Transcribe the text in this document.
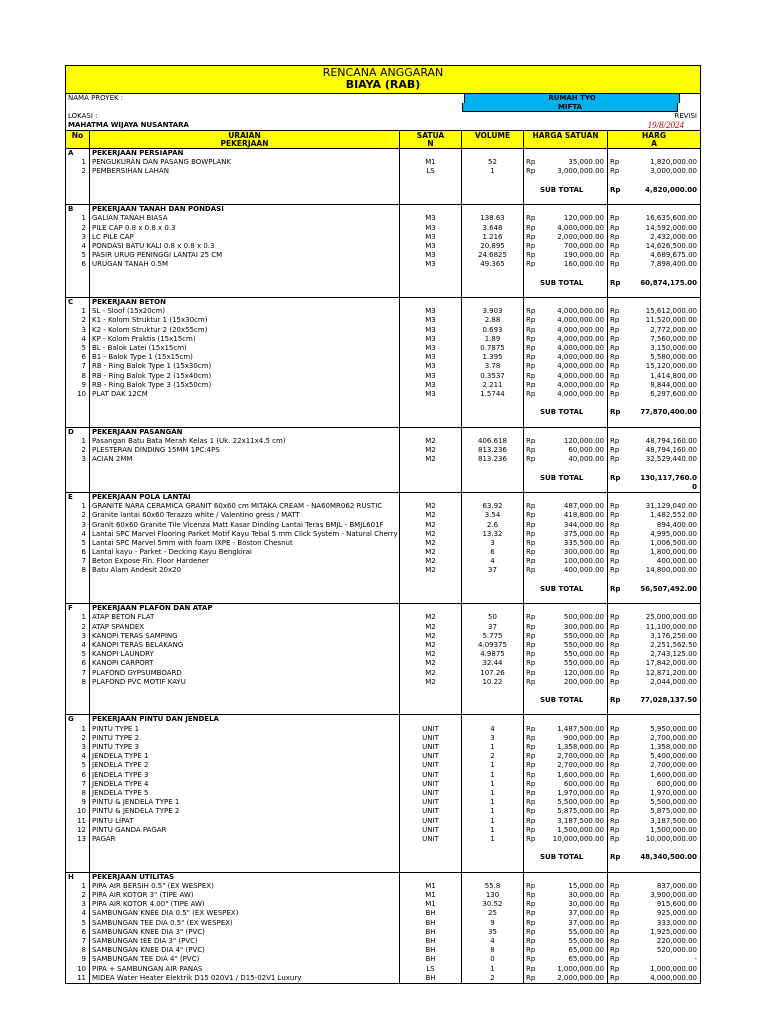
RENCANA ANGGARAN
BIAYA (RAB)
NAMA PROYEK :	RUMAH TYO
MIFTA
LOKASI :	REVISI
MAHATMA WIJAYA NUSANTARA	19/8/2024
No	URAIAN
PEKERJAAN
SATUA
N
VOLUME	HARGA SATUAN	HARG
A
A	PEKERJAAN PERSIAPAN
1 PENGUKURAN DAN PASANG BOWPLANK	M1	52	Rp	35,000.00 Rp	1,820,000.00
2 PEMBERSIHAN LAHAN	LS	1	Rp	3,000,000.00 Rp	3,000,000.00
SUB TOTAL	Rp	4,820,000.00
B	PEKERJAAN TANAH DAN PONDASI
1 GALIAN TANAH BIASA	M3	138.63	Rp	120,000.00 Rp	16,635,600.00
2 PILE CAP 0.8 x 0.8 x 0.3	M3	3.648	Rp	4,000,000.00 Rp	14,592,000.00
3 LC PILE CAP	M3	1.216	Rp	2,000,000.00 Rp	2,432,000.00
4 PONDASI BATU KALI 0.8 x 0.8 x 0.3	M3	20.895	Rp	700,000.00 Rp	14,626,500.00
5 PASIR URUG PENINGGI LANTAI 25 CM	M3	24.6825	Rp	190,000.00 Rp	4,689,675.00
6 URUGAN TANAH 0.5M	M3	49.365	Rp	160,000.00 Rp	7,898,400.00
SUB TOTAL	Rp	60,874,175.00
C	PEKERJAAN BETON
1 SL - Sloof (15x20cm)	M3	3.903	Rp	4,000,000.00 Rp	15,612,000.00
2 K1 - Kolom Struktur 1 (15x30cm)	M3	2.88	Rp	4,000,000.00 Rp	11,520,000.00
3 K2 - Kolom Struktur 2 (20x55cm)	M3	0.693	Rp	4,000,000.00 Rp	2,772,000.00
4 KP - Kolom Praktis (15x15cm)	M3	1.89	Rp	4,000,000.00 Rp	7,560,000.00
5 BL - Balok Latei (15x15cm)	M3	0.7875	Rp	4,000,000.00 Rp	3,150,000.00
6 B1 - Balok Type 1 (15x15cm)	M3	1.395	Rp	4,000,000.00 Rp	5,580,000.00
7 RB - Ring Balok Type 1 (15x30cm)	M3	3.78	Rp	4,000,000.00 Rp	15,120,000.00
8 RB - Ring Balok Type 2 (15x40cm)	M3	0.3537	Rp	4,000,000.00 Rp	1,414,800.00
9 RB - Ring Balok Type 3 (15x50cm)	M3	2.211	Rp	4,000,000.00 Rp	8,844,000.00
10 PLAT DAK 12CM	M3	1.5744	Rp	4,000,000.00 Rp	6,297,600.00
SUB TOTAL	Rp	77,870,400.00
D	PEKERJAAN PASANGAN
1 Pasangan Batu Bata Merah Kelas 1 (Uk. 22x11x4.5 cm)	M2	406.618	Rp	120,000.00 Rp	48,794,160.00
2 PLESTERAN DINDING 15MM 1PC:4PS	M2	813.236	Rp	60,000.00 Rp	48,794,160.00
3 ACIAN 2MM	M2	813.236	Rp	40,000.00 Rp	32,529,440.00
SUB TOTAL	Rp	130,117,760.0
0
E	PEKERJAAN POLA LANTAI
1 GRANITE NARA CERAMICA GRANIT 60x60 cm MITAKA CREAM - NA60MR062 RUSTIC	M2	63.92	Rp	487,000.00 Rp	31,129,040.00
2 Granite lantai 60x60 Terazzo white / Valentino gress / MATT	M2	3.54	Rp	418,800.00 Rp	1,482,552.00
3 Granit 60x60 Granite Tile Vicenza Matt Kasar Dinding Lantai Teras BMJL - BMJL601F	M2	2.6	Rp	344,000.00 Rp	894,400.00
4 Lantai SPC Marvel Flooring Parket Motif Kayu Tebal 5 mm Click System - Natural Cherry	M2	13.32	Rp	375,000.00 Rp	4,995,000.00
5 Lantai SPC Marvel 5mm with foam IXPE - Boston Chesnut	M2	3	Rp	335,500.00 Rp	1,006,500.00
6 Lantai kayu - Parket - Decking Kayu Bengkirai	M2	6	Rp	300,000.00 Rp	1,800,000.00
7 Beton Expose Fin. Floor Hardener	M2	4	Rp	100,000.00 Rp	400,000.00
8 Batu Alam Andesit 20x20	M2	37	Rp	400,000.00 Rp	14,800,000.00
SUB TOTAL	Rp	56,507,492.00
F	PEKERJAAN PLAFON DAN ATAP
1 ATAP BETON FLAT	M2	50	Rp	500,000.00 Rp	25,000,000.00
2 ATAP SPANDEX	M2	37	Rp	300,000.00 Rp	11,100,000.00
3 KANOPI TERAS SAMPING	M2	5.775	Rp	550,000.00 Rp	3,176,250.00
4 KANOPI TERAS BELAKANG	M2	4.09375	Rp	550,000.00 Rp	2,251,562.50
5 KANOPI LAUNDRY	M2	4.9875	Rp	550,000.00 Rp	2,743,125.00
6 KANOPI CARPORT	M2	32.44	Rp	550,000.00 Rp	17,842,000.00
7 PLAFOND GYPSUMBOARD	M2	107.26	Rp	120,000.00 Rp	12,871,200.00
8 PLAFOND PVC MOTIF KAYU	M2	10.22	Rp	200,000.00 Rp	2,044,000.00
SUB TOTAL	Rp	77,028,137.50
G	PEKERJAAN PINTU DAN JENDELA
1 PINTU TYPE 1	UNIT	4	Rp	1,487,500.00 Rp	5,950,000.00
2 PINTU TYPE 2	UNIT	3	Rp	900,000.00 Rp	2,700,000.00
3 PINTU TYPE 3	UNIT	1	Rp	1,358,000.00 Rp	1,358,000.00
4 JENDELA TYPE 1	UNIT	2	Rp	2,700,000.00 Rp	5,400,000.00
5 JENDELA TYPE 2	UNIT	1	Rp	2,700,000.00 Rp	2,700,000.00
6 JENDELA TYPE 3	UNIT	1	Rp	1,600,000.00 Rp	1,600,000.00
7 JENDELA TYPE 4	UNIT	1	Rp	600,000.00 Rp	600,000.00
8 JENDELA TYPE 5	UNIT	1	Rp	1,970,000.00 Rp	1,970,000.00
9 PINTU & JENDELA TYPE 1	UNIT	1	Rp	5,500,000.00 Rp	5,500,000.00
10 PINTU & JENDELA TYPE 2	UNIT	1	Rp	5,875,000.00 Rp	5,875,000.00
11 PINTU LIPAT	UNIT	1	Rp	3,187,500.00 Rp	3,187,500.00
12 PINTU GANDA PAGAR	UNIT	1	Rp	1,500,000.00 Rp	1,500,000.00
13 PAGAR	UNIT	1	Rp	10,000,000.00 Rp	10,000,000.00
SUB TOTAL	Rp	48,340,500.00
H	PEKERJAAN UTILITAS
1 PIPA AIR BERSIH 0.5" (EX WESPEX)	M1	55.8	Rp	15,000.00 Rp	837,000.00
2 PIPA AIR KOTOR 3" (TIPE AW)	M1	130	Rp	30,000.00 Rp	3,900,000.00
3 PIPA AIR KOTOR 4.00" (TIPE AW)	M1	30.52	Rp	30,000.00 Rp	915,600.00
4 SAMBUNGAN KNEE DIA 0.5" (EX WESPEX)	BH	25	Rp	37,000.00 Rp	925,000.00
5 SAMBUNGAN TEE DIA 0.5" (EX WESPEX)	BH	9	Rp	37,000.00 Rp	333,000.00
6 SAMBUNGAN KNEE DIA 3" (PVC)	BH	35	Rp	55,000.00 Rp	1,925,000.00
7 SAMBUNGAN tEE DIA 3" (PVC)	BH	4	Rp	55,000.00 Rp	220,000.00
8 SAMBUNGAN KNEE DIA 4" (PVC)	BH	8	Rp	65,000.00 Rp	520,000.00
9 SAMBUNGAN TEE DIA 4" (PVC)	BH	0	Rp	65,000.00 Rp	-
10 PIPA + SAMBUNGAN AIR PANAS	LS	1	Rp	1,000,000.00 Rp	1,000,000.00
11 MIDEA Water Heater Elektrik D15 020V1 / D15-02V1 Luxury	BH	2	Rp	2,000,000.00 Rp	4,000,000.00
